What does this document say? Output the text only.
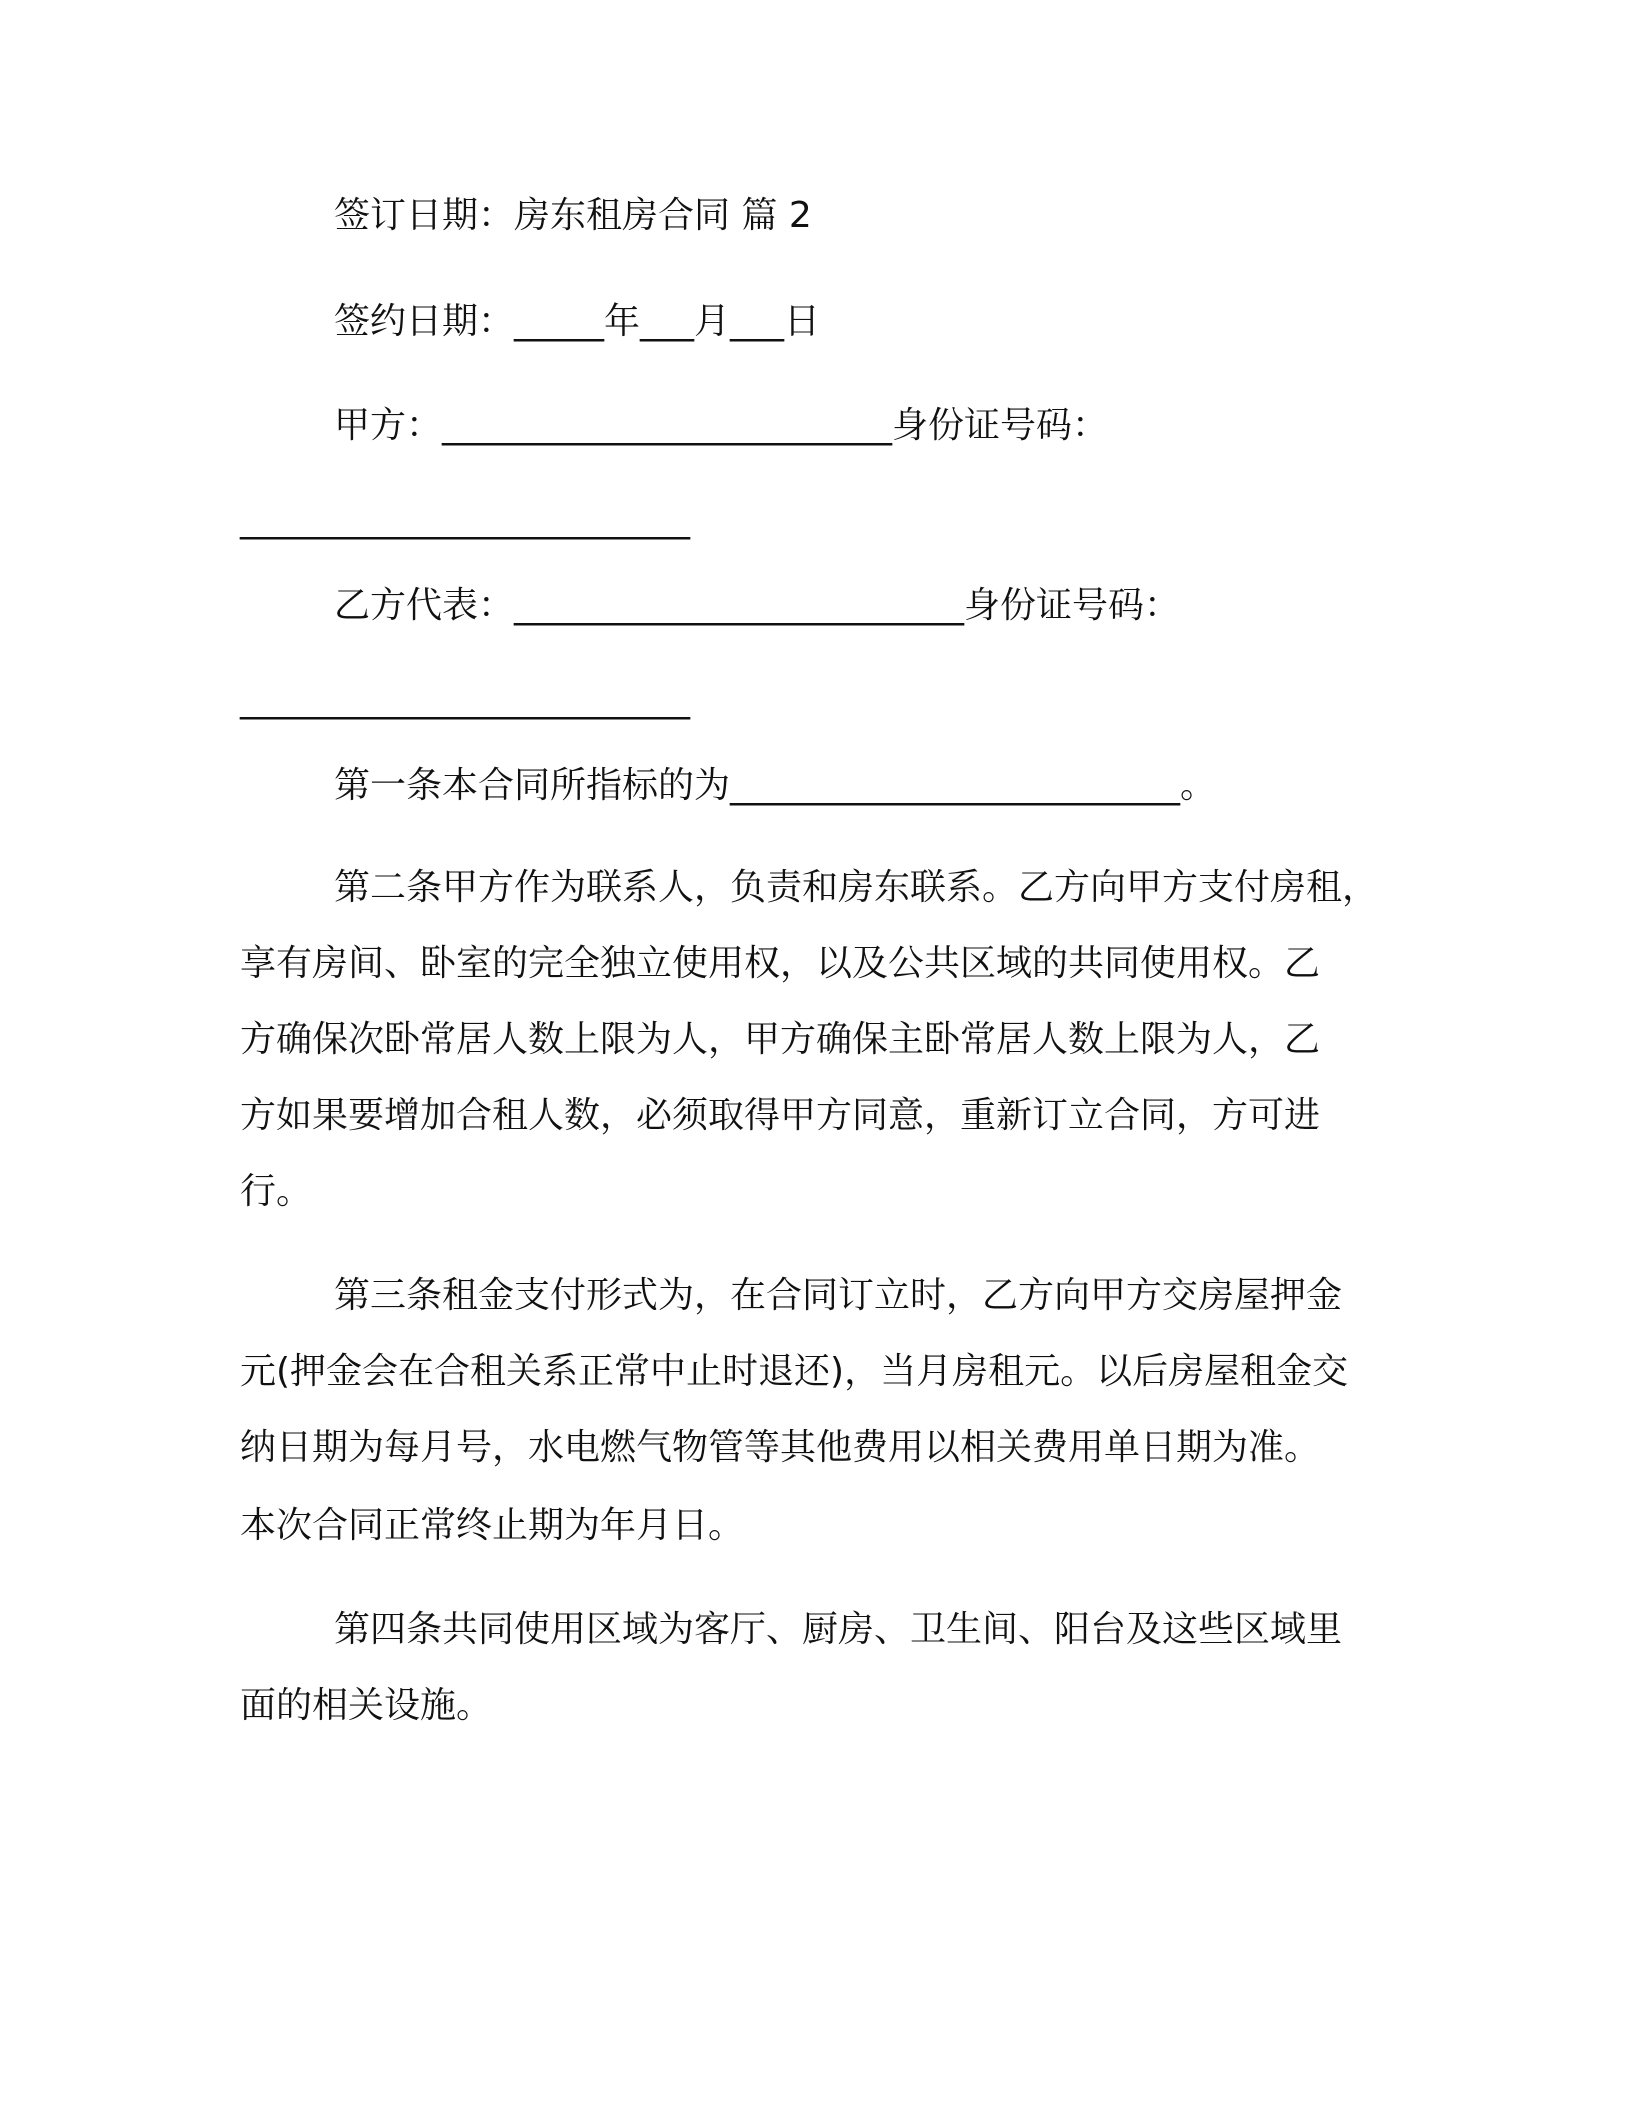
签订日期：房东租房合同 篇 2

签约日期：_____年___月___日

甲方：_________________________身份证号码：

_________________________

乙方代表：_________________________身份证号码：

_________________________

第一条本合同所指标的为_________________________。

第二条甲方作为联系人，负责和房东联系。乙方向甲方支付房租，

享有房间、卧室的完全独立使用权，以及公共区域的共同使用权。乙

方确保次卧常居人数上限为人，甲方确保主卧常居人数上限为人，乙

方如果要增加合租人数，必须取得甲方同意，重新订立合同，方可进

行。

第三条租金支付形式为，在合同订立时，乙方向甲方交房屋押金

元(押金会在合租关系正常中止时退还)，当月房租元。以后房屋租金交

纳日期为每月号，水电燃气物管等其他费用以相关费用单日期为准。

本次合同正常终止期为年月日。

第四条共同使用区域为客厅、厨房、卫生间、阳台及这些区域里

面的相关设施。
